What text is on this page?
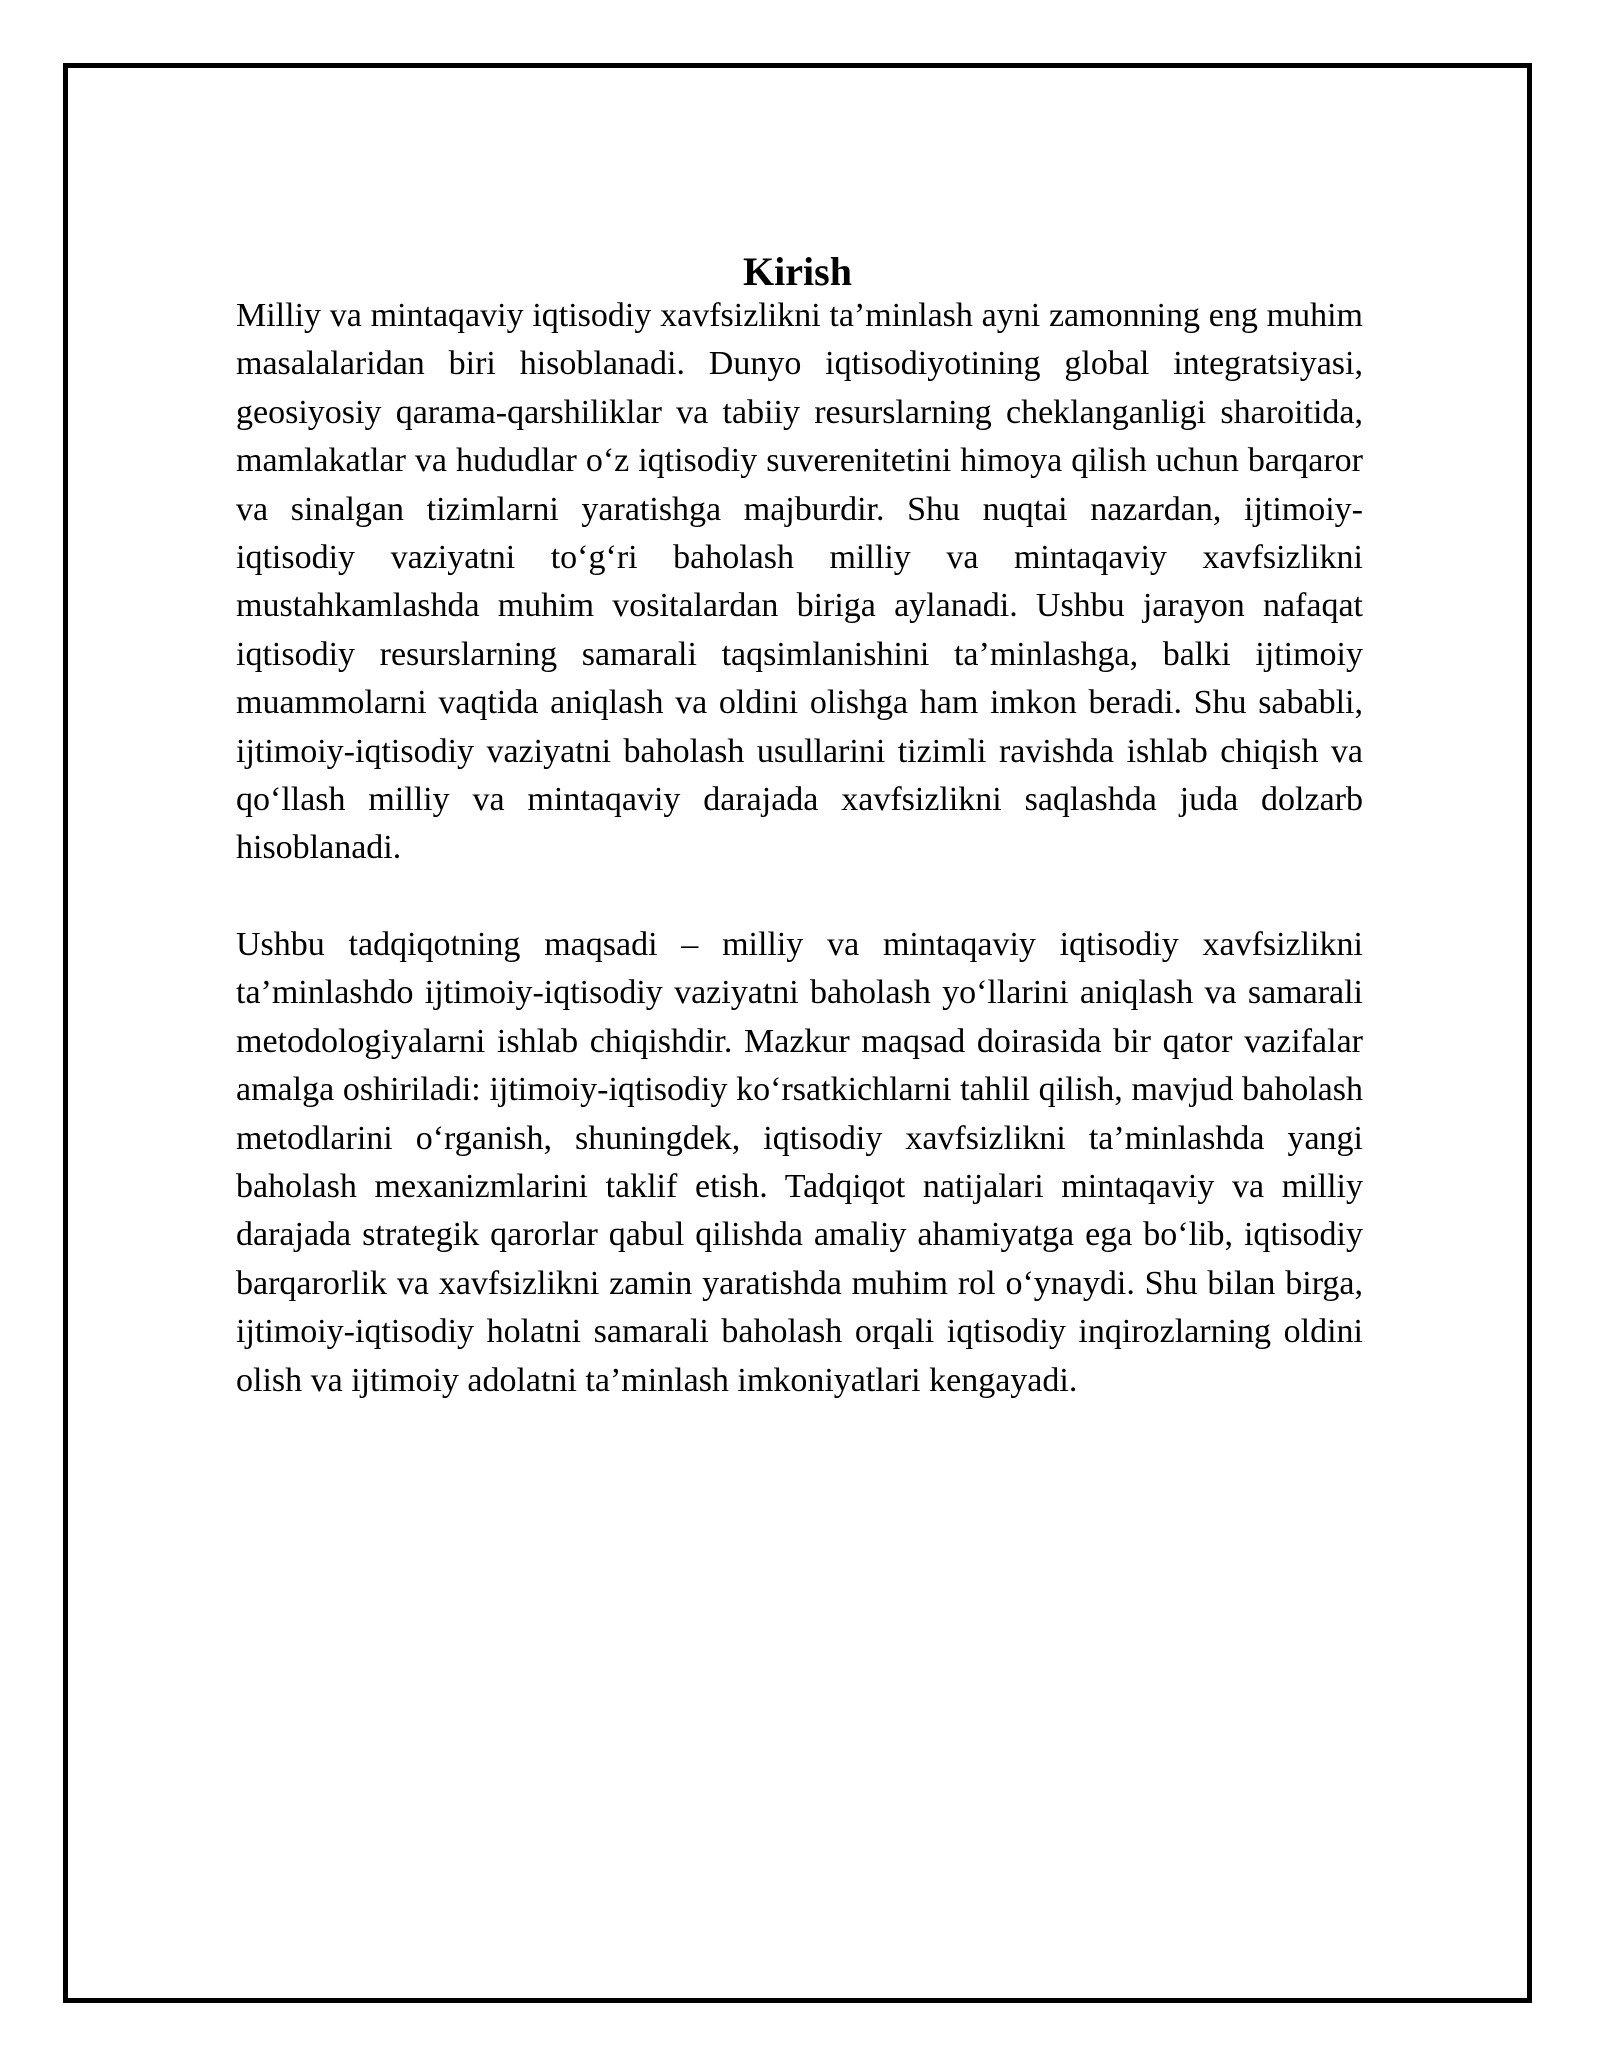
Kirish

Milliy va mintaqaviy iqtisodiy xavfsizlikni ta’minlash ayni zamonning eng muhim masalalaridan biri hisoblanadi. Dunyo iqtisodiyotining global integratsiyasi, geosiyosiy qarama-qarshiliklar va tabiiy resurslarning cheklanganligi sharoitida, mamlakatlar va hududlar o‘z iqtisodiy suverenitetini himoya qilish uchun barqaror va sinalgan tizimlarni yaratishga majburdir. Shu nuqtai nazardan, ijtimoiy-iqtisodiy vaziyatni to‘g‘ri baholash milliy va mintaqaviy xavfsizlikni mustahkamlashda muhim vositalardan biriga aylanadi. Ushbu jarayon nafaqat iqtisodiy resurslarning samarali taqsimlanishini ta’minlashga, balki ijtimoiy muammolarni vaqtida aniqlash va oldini olishga ham imkon beradi. Shu sababli, ijtimoiy-iqtisodiy vaziyatni baholash usullarini tizimli ravishda ishlab chiqish va qo‘llash milliy va mintaqaviy darajada xavfsizlikni saqlashda juda dolzarb hisoblanadi.

Ushbu tadqiqotning maqsadi – milliy va mintaqaviy iqtisodiy xavfsizlikni ta’minlashdo ijtimoiy-iqtisodiy vaziyatni baholash yo‘llarini aniqlash va samarali metodologiyalarni ishlab chiqishdir. Mazkur maqsad doirasida bir qator vazifalar amalga oshiriladi: ijtimoiy-iqtisodiy ko‘rsatkichlarni tahlil qilish, mavjud baholash metodlarini o‘rganish, shuningdek, iqtisodiy xavfsizlikni ta’minlashda yangi baholash mexanizmlarini taklif etish. Tadqiqot natijalari mintaqaviy va milliy darajada strategik qarorlar qabul qilishda amaliy ahamiyatga ega bo‘lib, iqtisodiy barqarorlik va xavfsizlikni zamin yaratishda muhim rol o‘ynaydi. Shu bilan birga, ijtimoiy-iqtisodiy holatni samarali baholash orqali iqtisodiy inqirozlarning oldini olish va ijtimoiy adolatni ta’minlash imkoniyatlari kengayadi.
